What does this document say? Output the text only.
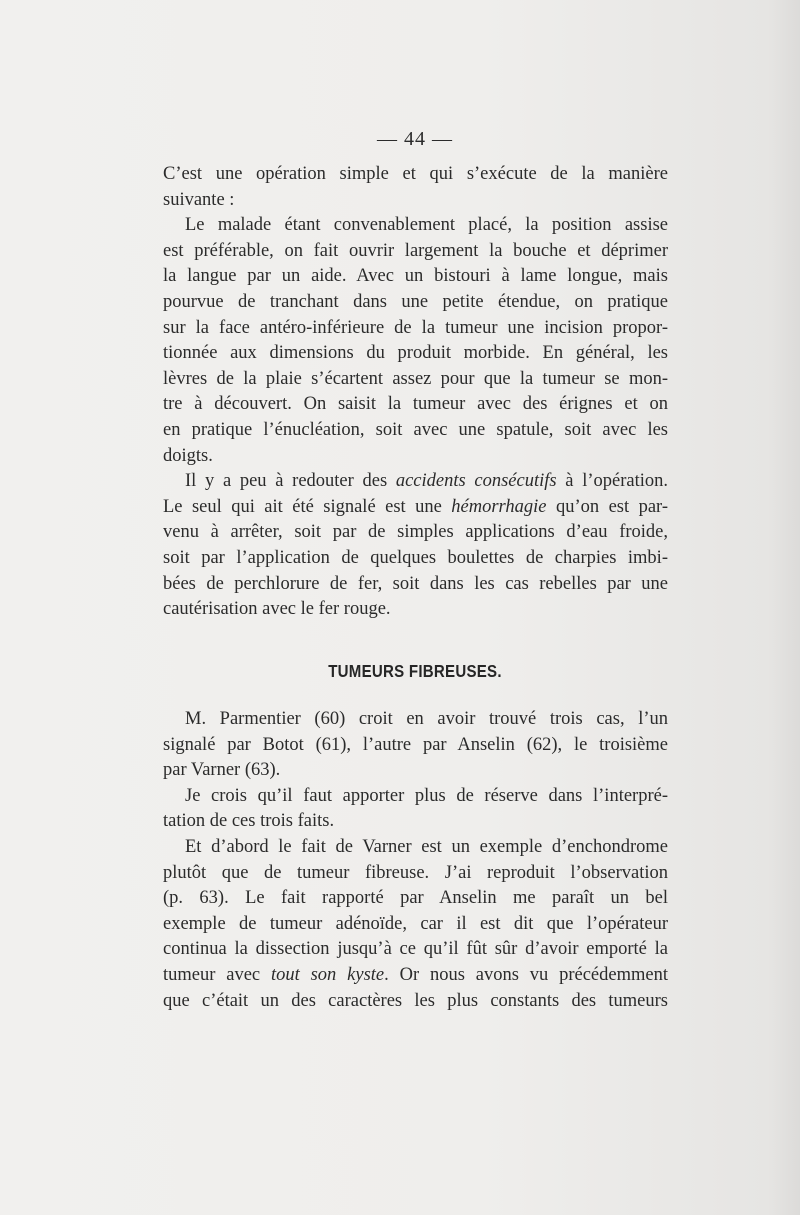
— 44 —

C’est une opération simple et qui s’exécute de la manière
suivante :

Le malade étant convenablement placé, la position assise
est préférable, on fait ouvrir largement la bouche et déprimer
la langue par un aide. Avec un bistouri à lame longue, mais
pourvue de tranchant dans une petite étendue, on pratique
sur la face antéro-inférieure de la tumeur une incision propor-
tionnée aux dimensions du produit morbide. En général, les
lèvres de la plaie s’écartent assez pour que la tumeur se mon-
tre à découvert. On saisit la tumeur avec des érignes et on
en pratique l’énucléation, soit avec une spatule, soit avec les
doigts.

Il y a peu à redouter des accidents consécutifs à l’opération.
Le seul qui ait été signalé est une hémorrhagie qu’on est par-
venu à arrêter, soit par de simples applications d’eau froide,
soit par l’application de quelques boulettes de charpies imbi-
bées de perchlorure de fer, soit dans les cas rebelles par une
cautérisation avec le fer rouge.

TUMEURS FIBREUSES.

M. Parmentier (60) croit en avoir trouvé trois cas, l’un
signalé par Botot (61), l’autre par Anselin (62), le troisième
par Varner (63).

Je crois qu’il faut apporter plus de réserve dans l’interpré-
tation de ces trois faits.

Et d’abord le fait de Varner est un exemple d’enchondrome
plutôt que de tumeur fibreuse. J’ai reproduit l’observation
(p. 63). Le fait rapporté par Anselin me paraît un bel
exemple de tumeur adénoïde, car il est dit que l’opérateur
continua la dissection jusqu’à ce qu’il fût sûr d’avoir emporté la
tumeur avec tout son kyste. Or nous avons vu précédemment
que c’était un des caractères les plus constants des tumeurs
